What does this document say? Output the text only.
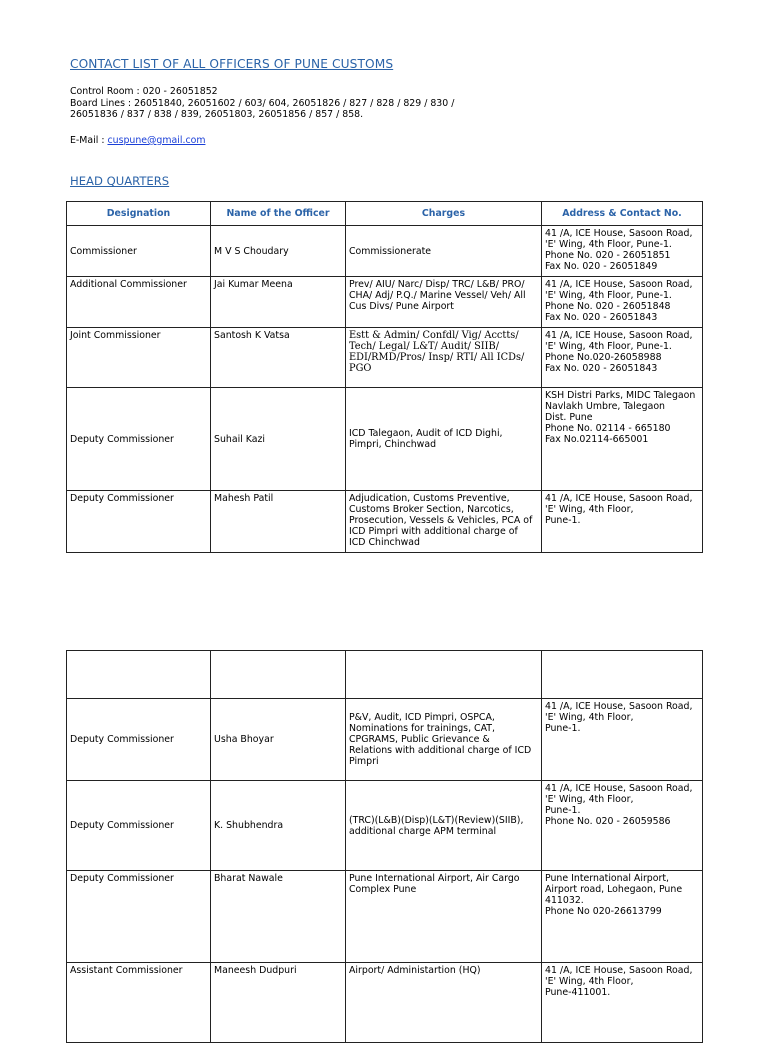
CONTACT LIST OF ALL OFFICERS OF PUNE CUSTOMS
Control Room : 020 - 26051852
Board Lines : 26051840, 26051602 / 603/ 604, 26051826 / 827 / 828 / 829 / 830 /
26051836 / 837 / 838 / 839, 26051803, 26051856 / 857 / 858.
E-Mail : cuspune@gmail.com
HEAD QUARTERS
Designation	Name of the Officer	Charges	Address & Contact No.
Commissioner	M V S Choudary	Commissionerate	41 /A, ICE House, Sasoon Road,
'E' Wing, 4th Floor, Pune-1.
Phone No. 020 - 26051851
Fax No. 020 - 26051849
Additional Commissioner	Jai Kumar Meena	Prev/ AIU/ Narc/ Disp/ TRC/ L&B/ PRO/
CHA/ Adj/ P.Q./ Marine Vessel/ Veh/ All
Cus Divs/ Pune Airport	41 /A, ICE House, Sasoon Road,
'E' Wing, 4th Floor, Pune-1.
Phone No. 020 - 26051848
Fax No. 020 - 26051843
Joint Commissioner	Santosh K Vatsa	Estt & Admin/ Confdl/ Vig/ Acctts/
Tech/ Legal/ L&T/ Audit/ SIIB/
EDI/RMD/Pros/ Insp/ RTI/ All ICDs/
PGO	41 /A, ICE House, Sasoon Road,
'E' Wing, 4th Floor, Pune-1.
Phone No.020-26058988
Fax No. 020 - 26051843
Deputy Commissioner	Suhail Kazi	ICD Talegaon, Audit of ICD Dighi,
Pimpri, Chinchwad	KSH Distri Parks, MIDC Talegaon
Navlakh Umbre, Talegaon
Dist. Pune
Phone No. 02114 - 665180
Fax No.02114-665001
Deputy Commissioner	Mahesh Patil	Adjudication, Customs Preventive,
Customs Broker Section, Narcotics,
Prosecution, Vessels & Vehicles, PCA of
ICD Pimpri with additional charge of
ICD Chinchwad	41 /A, ICE House, Sasoon Road,
'E' Wing, 4th Floor,
Pune-1.

Deputy Commissioner	Usha Bhoyar	P&V, Audit, ICD Pimpri, OSPCA,
Nominations for trainings, CAT,
CPGRAMS, Public Grievance &
Relations with additional charge of ICD
Pimpri	41 /A, ICE House, Sasoon Road,
'E' Wing, 4th Floor,
Pune-1.
Deputy Commissioner	K. Shubhendra	(TRC)(L&B)(Disp)(L&T)(Review)(SIIB),
additional charge APM terminal	41 /A, ICE House, Sasoon Road,
'E' Wing, 4th Floor,
Pune-1.
Phone No. 020 - 26059586
Deputy Commissioner	Bharat Nawale	Pune International Airport, Air Cargo
Complex Pune	Pune International Airport,
Airport road, Lohegaon, Pune
411032.
Phone No 020-26613799
Assistant Commissioner	Maneesh Dudpuri	Airport/ Administartion (HQ)	41 /A, ICE House, Sasoon Road,
'E' Wing, 4th Floor,
Pune-411001.
